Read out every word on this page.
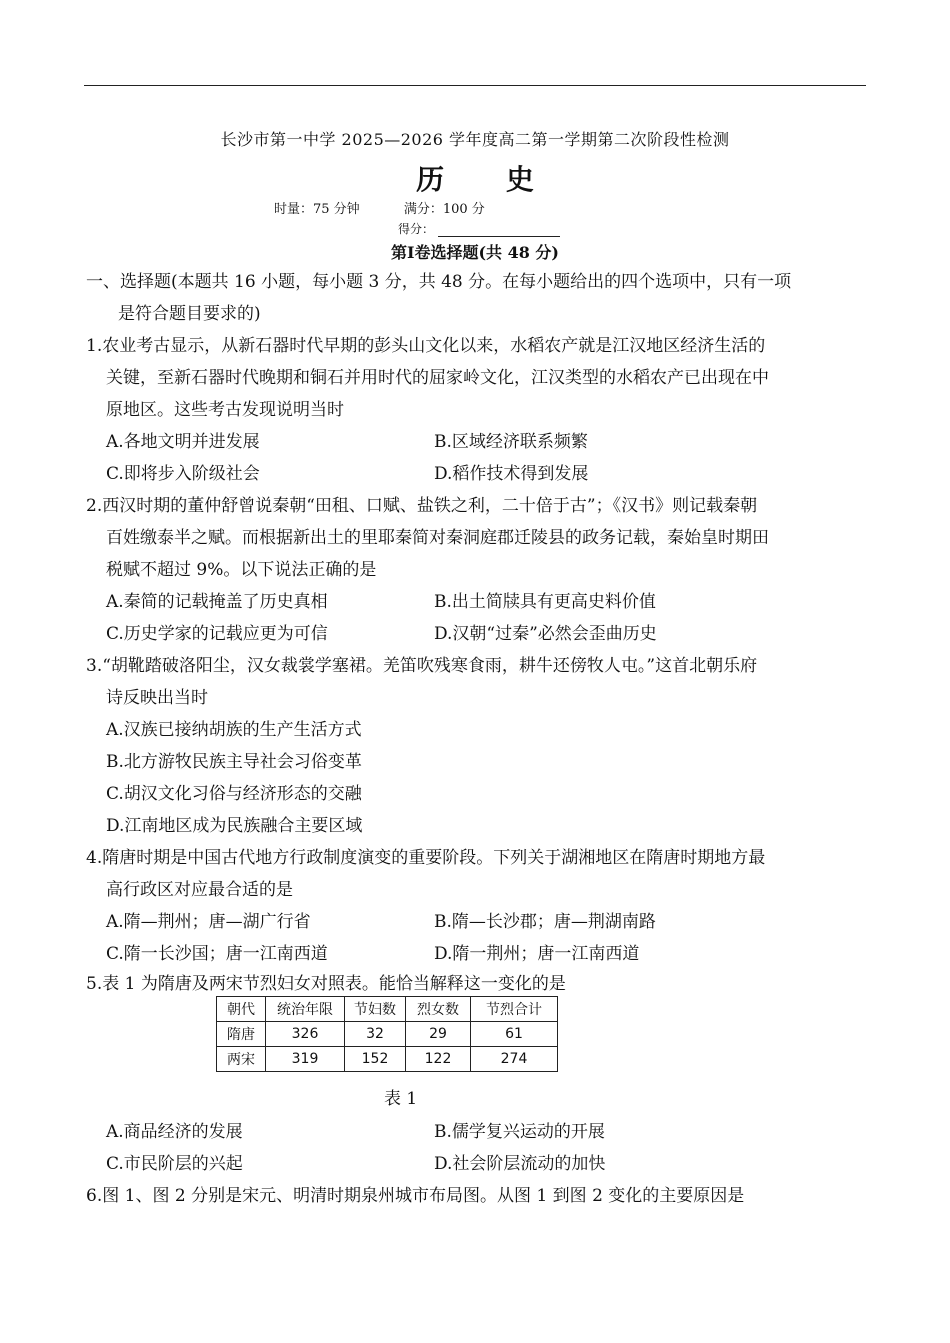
长沙市第一中学 2025—2026 学年度高二第一学期第二次阶段性检测
历 史
时量：75 分钟	满分：100 分
得分：
第Ⅰ卷选择题(共 48 分)
一、选择题(本题共 16 小题，每小题 3 分，共 48 分。在每小题给出的四个选项中，只有一项
是符合题目要求的)
1.农业考古显示，从新石器时代早期的彭头山文化以来，水稻农产就是江汉地区经济生活的
关键，至新石器时代晚期和铜石并用时代的屈家岭文化，江汉类型的水稻农产已出现在中
原地区。这些考古发现说明当时
A.各地文明并进发展	B.区域经济联系频繁
C.即将步入阶级社会	D.稻作技术得到发展
2.西汉时期的董仲舒曾说秦朝“田租、口赋、盐铁之利，二十倍于古”；《汉书》则记载秦朝
百姓缴泰半之赋。而根据新出土的里耶秦简对秦洞庭郡迁陵县的政务记载，秦始皇时期田
税赋不超过 9%。以下说法正确的是
A.秦简的记载掩盖了历史真相	B.出土简牍具有更高史料价值
C.历史学家的记载应更为可信	D.汉朝“过秦”必然会歪曲历史
3.“胡靴踏破洛阳尘，汉女裁裳学塞裙。羌笛吹残寒食雨，耕牛还傍牧人屯。”这首北朝乐府
诗反映出当时
A.汉族已接纳胡族的生产生活方式
B.北方游牧民族主导社会习俗变革
C.胡汉文化习俗与经济形态的交融
D.江南地区成为民族融合主要区域
4.隋唐时期是中国古代地方行政制度演变的重要阶段。下列关于湖湘地区在隋唐时期地方最
高行政区对应最合适的是
A.隋—荆州；唐—湖广行省	B.隋—长沙郡；唐—荆湖南路
C.隋一长沙国；唐一江南西道	D.隋一荆州；唐一江南西道
5.表 1 为隋唐及两宋节烈妇女对照表。能恰当解释这一变化的是
朝代	统治年限	节妇数	烈女数	节烈合计
隋唐	326	32	29	61
两宋	319	152	122	274
表 1
A.商品经济的发展	B.儒学复兴运动的开展
C.市民阶层的兴起	D.社会阶层流动的加快
6.图 1、图 2 分别是宋元、明清时期泉州城市布局图。从图 1 到图 2 变化的主要原因是
